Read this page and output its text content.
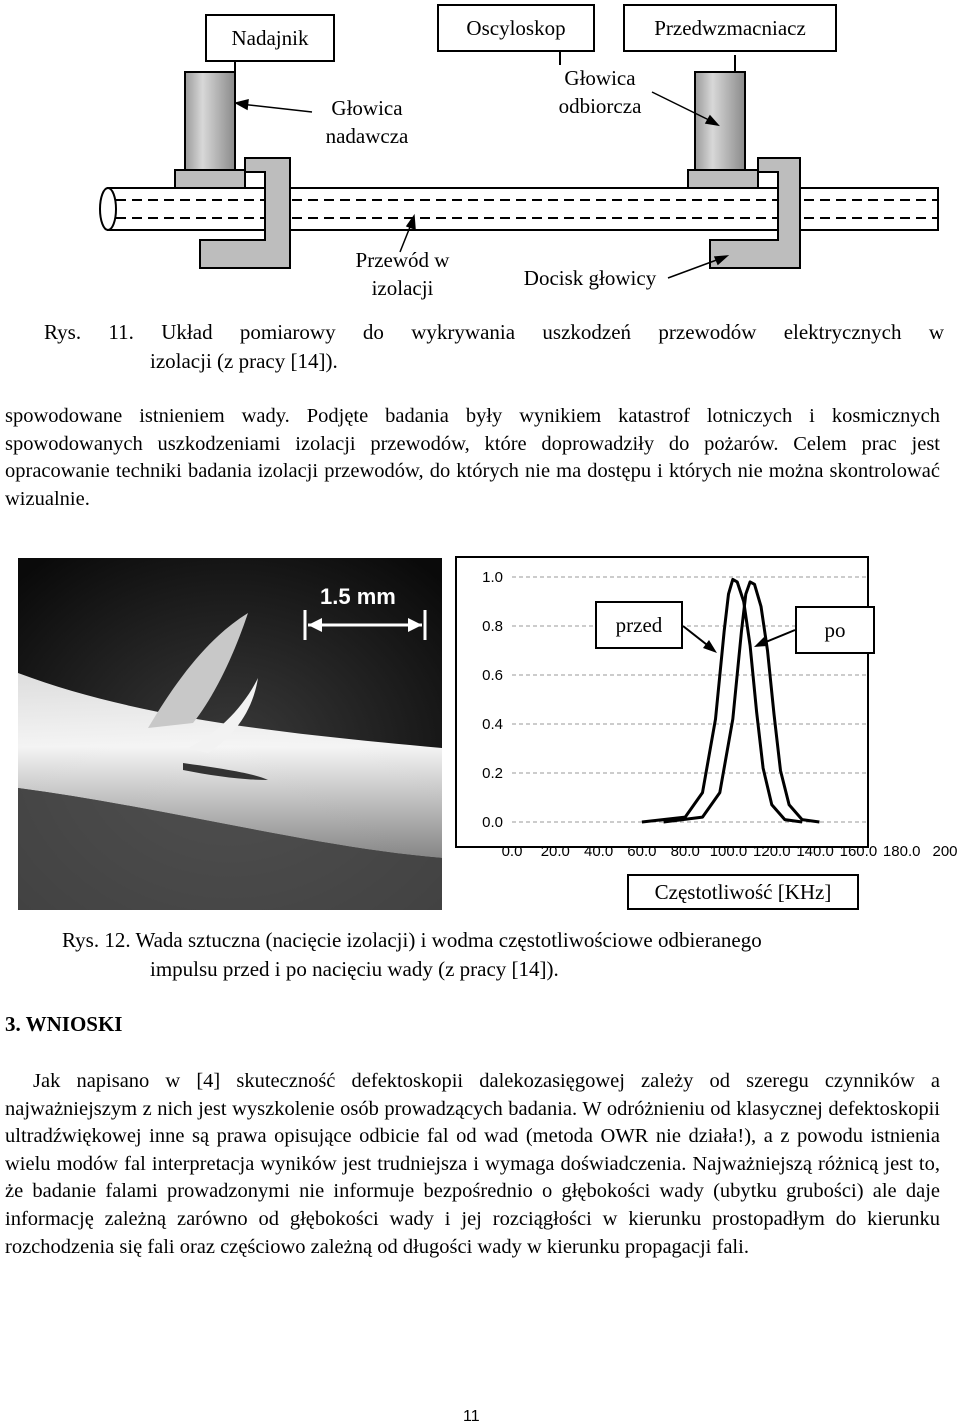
Nadajnik	Oscyloskop	Przedwzmacniacz
Głowica
nadawcza
Głowica
odbiorcza
Przewód w
izolacji	Docisk głowicy
Rys. 11. Układ pomiarowy do wykrywania uszkodzeń przewodów elektrycznych w
izolacji (z pracy [14]).
spowodowane istnieniem wady. Podjęte badania były wynikiem katastrof lotniczych i kosmicznych spowodowanych uszkodzeniami izolacji przewodów, które doprowadziły do pożarów. Celem prac jest opracowanie techniki badania izolacji przewodów, do których nie ma dostępu i których nie można skontrolować wizualnie.
1.5 mm
0.0
0.2
0.4
0.6
0.8
1.0
0.0 20.0 40.0 60.0 80.0 100.0 120.0 140.0 160.0 180.0 200
przed	po
Częstotliwość [KHz]
Rys. 12. Wada sztuczna (nacięcie izolacji) i wodma częstotliwościowe odbieranego
impulsu przed i po nacięciu wady (z pracy [14]).
3. WNIOSKI
Jak napisano w [4] skuteczność defektoskopii dalekozasięgowej zależy od szeregu czynników a najważniejszym z nich jest wyszkolenie osób prowadzących badania. W odróżnieniu od klasycznej defektoskopii ultradźwiękowej inne są prawa opisujące odbicie fal od wad (metoda OWR nie działa!), a z powodu istnienia wielu modów fal interpretacja wyników jest trudniejsza i wymaga doświadczenia. Najważniejszą różnicą jest to, że badanie falami prowadzonymi nie informuje bezpośrednio o głębokości wady (ubytku grubości) ale daje informację zależną zarówno od głębokości wady i jej rozciągłości w kierunku prostopadłym do kierunku rozchodzenia się fali oraz częściowo zależną od długości wady w kierunku propagacji fali.
11
